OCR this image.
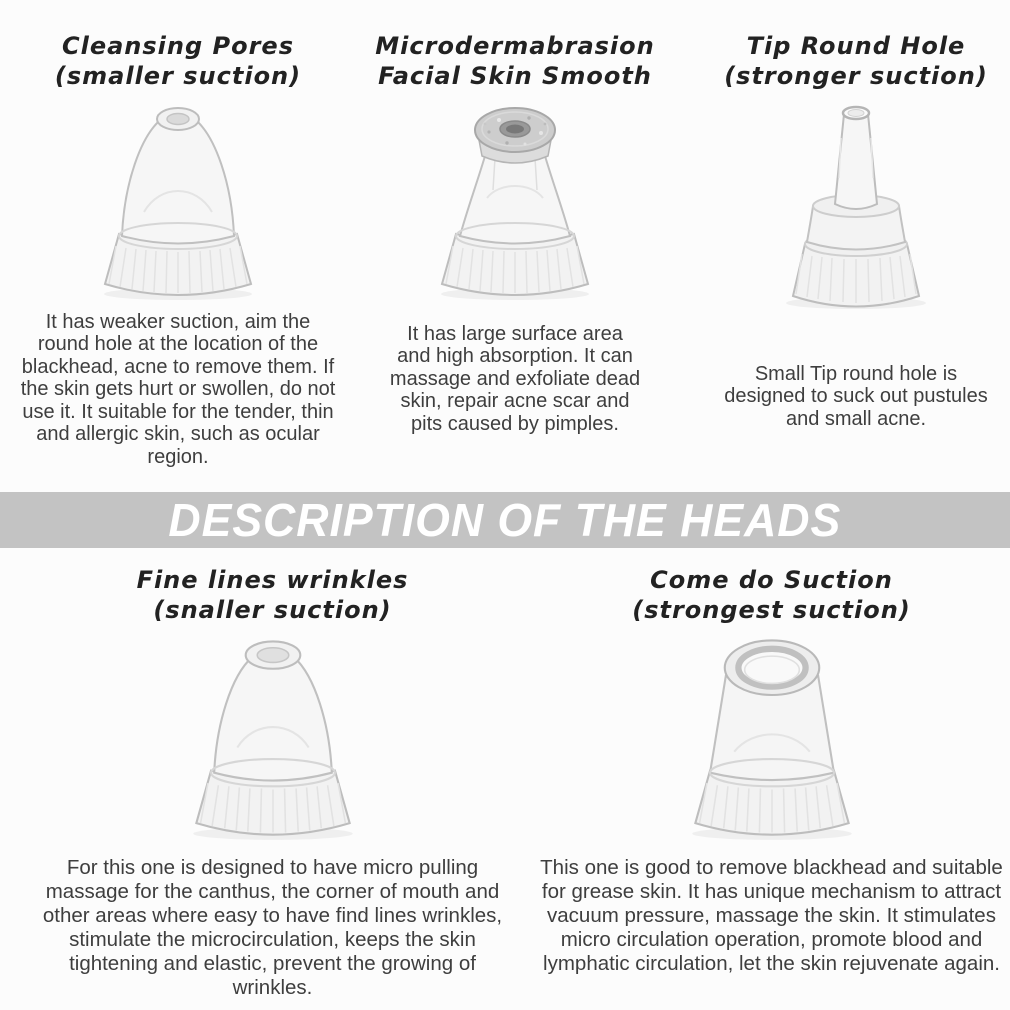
Cleansing Pores
(smaller suction)

It has weaker suction, aim the round hole at the location of the blackhead, acne to remove them. If the skin gets hurt or swollen, do not use it. It suitable for the tender, thin and allergic skin, such as ocular region.

Microdermabrasion
Facial Skin Smooth

It has large surface area and high absorption. It can massage and exfoliate dead skin, repair acne scar and pits caused by pimples.

Tip Round Hole
(stronger suction)

Small Tip round hole is designed to suck out pustules and small acne.

DESCRIPTION OF THE HEADS
Fine lines wrinkles
(snaller suction)

For this one is designed to have micro pulling massage for the canthus, the corner of mouth and other areas where easy to have find lines wrinkles, stimulate the microcirculation, keeps the skin tightening and elastic, prevent the growing of wrinkles.

Come do Suction
(strongest suction)

This one is good to remove blackhead and suitable for grease skin. It has unique mechanism to attract vacuum pressure, massage the skin. It stimulates micro circulation operation, promote blood and lymphatic circulation, let the skin rejuvenate again.
